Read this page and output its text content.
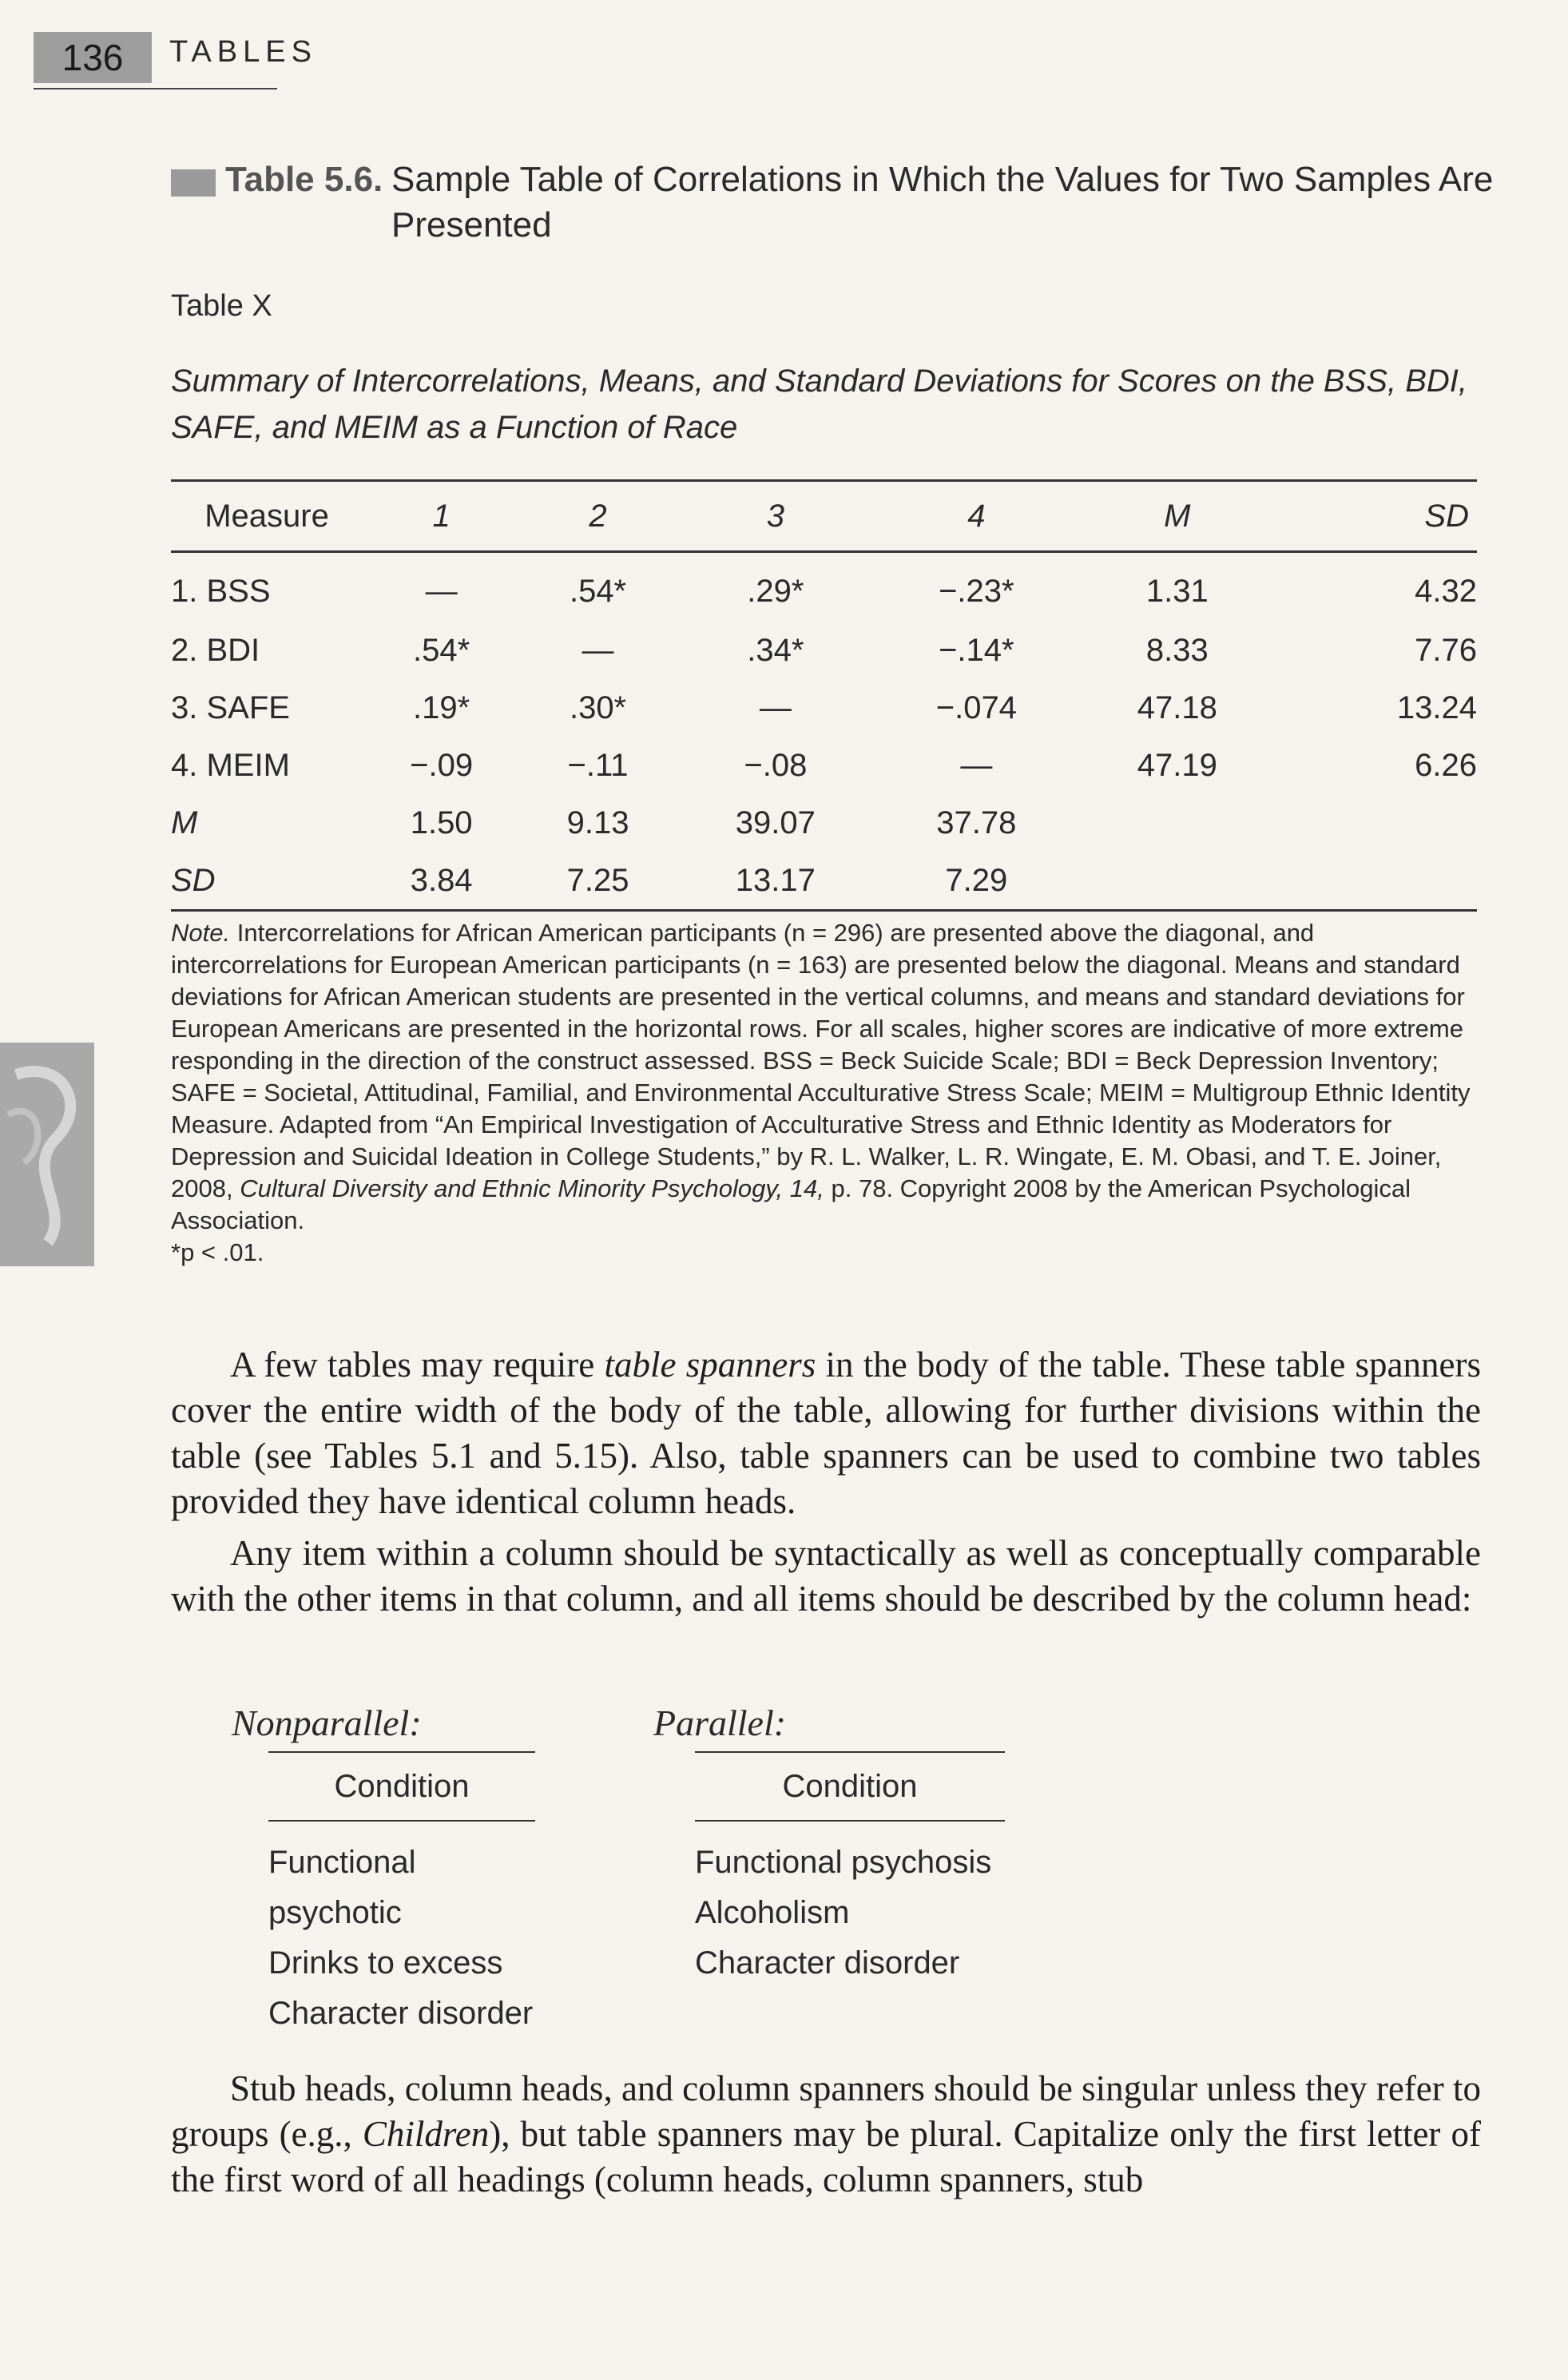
136	TABLES
Table 5.6. Sample Table of Correlations in Which the Values for Two Samples Are Presented
Table X
Summary of Intercorrelations, Means, and Standard Deviations for Scores on the BSS, BDI, SAFE, and MEIM as a Function of Race
Measure	1	2	3	4	M	SD
1. BSS	—	.54*	.29*	−.23*	1.31	4.32
2. BDI	.54*	—	.34*	−.14*	8.33	7.76
3. SAFE	.19*	.30*	—	−.074	47.18	13.24
4. MEIM	−.09	−.11	−.08	—	47.19	6.26
M	1.50	9.13	39.07	37.78		
SD	3.84	7.25	13.17	7.29		

Note. Intercorrelations for African American participants (n = 296) are presented above the diagonal, and intercorrelations for European American participants (n = 163) are presented below the diagonal. Means and standard deviations for African American students are presented in the vertical columns, and means and standard deviations for European Americans are presented in the horizontal rows. For all scales, higher scores are indicative of more extreme responding in the direction of the construct assessed. BSS = Beck Suicide Scale; BDI = Beck Depression Inventory; SAFE = Societal, Attitudinal, Familial, and Environmental Acculturative Stress Scale; MEIM = Multigroup Ethnic Identity Measure. Adapted from “An Empirical Investigation of Acculturative Stress and Ethnic Identity as Moderators for Depression and Suicidal Ideation in College Students,” by R. L. Walker, L. R. Wingate, E. M. Obasi, and T. E. Joiner, 2008, Cultural Diversity and Ethnic Minority Psychology, 14, p. 78. Copyright 2008 by the American Psychological Association.

*p < .01.

A few tables may require table spanners in the body of the table. These table spanners cover the entire width of the body of the table, allowing for further divisions within the table (see Tables 5.1 and 5.15). Also, table spanners can be used to combine two tables provided they have identical column heads.

Any item within a column should be syntactically as well as conceptually comparable with the other items in that column, and all items should be described by the column head:

Nonparallel:
Condition
Functional psychotic
Drinks to excess
Character disorder
Parallel:
Condition
Functional psychosis
Alcoholism
Character disorder

Stub heads, column heads, and column spanners should be singular unless they refer to groups (e.g., Children), but table spanners may be plural. Capitalize only the first letter of the first word of all headings (column heads, column spanners, stub
